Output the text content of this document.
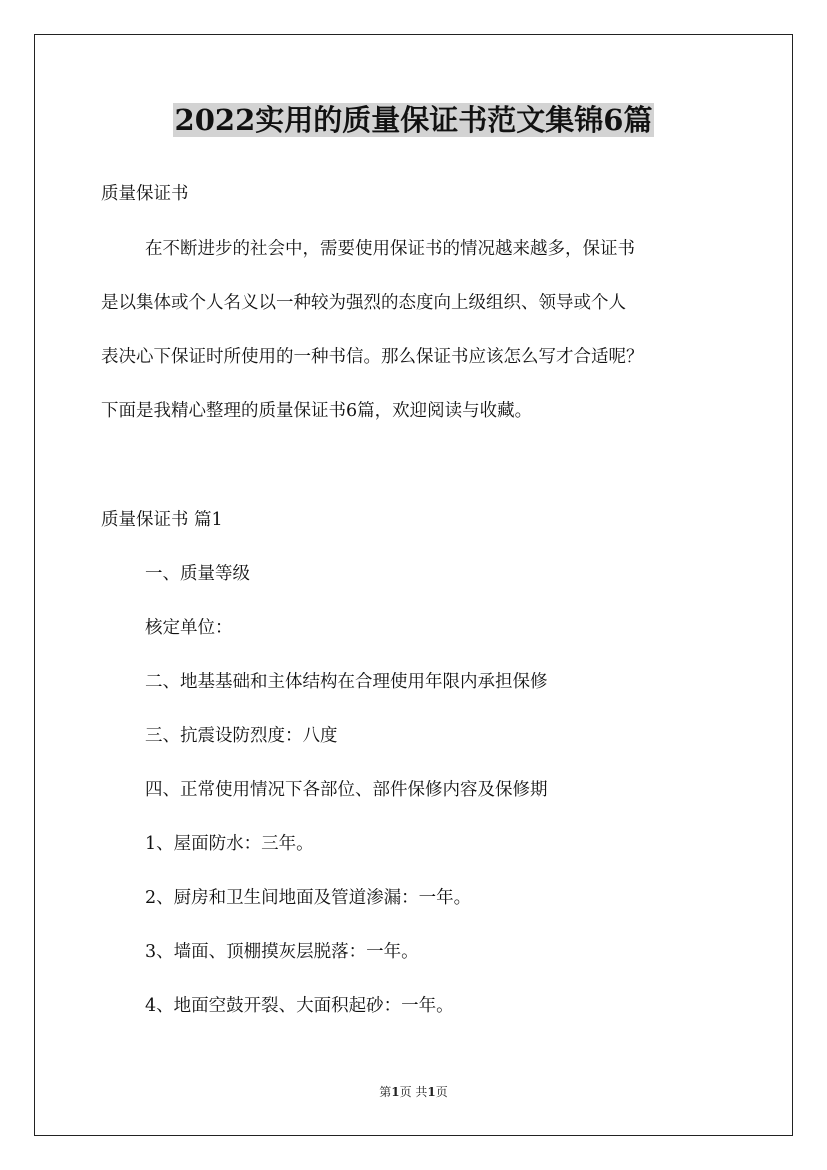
2022实用的质量保证书范文集锦6篇

质量保证书

在不断进步的社会中，需要使用保证书的情况越来越多，保证书

是以集体或个人名义以一种较为强烈的态度向上级组织、领导或个人

表决心下保证时所使用的一种书信。那么保证书应该怎么写才合适呢？

下面是我精心整理的质量保证书6篇，欢迎阅读与收藏。

质量保证书 篇1

一、质量等级

核定单位：

二、地基基础和主体结构在合理使用年限内承担保修

三、抗震设防烈度：八度

四、正常使用情况下各部位、部件保修内容及保修期

1、屋面防水：三年。

2、厨房和卫生间地面及管道渗漏：一年。

3、墙面、顶棚摸灰层脱落：一年。

4、地面空鼓开裂、大面积起砂：一年。

第1页 共1页
